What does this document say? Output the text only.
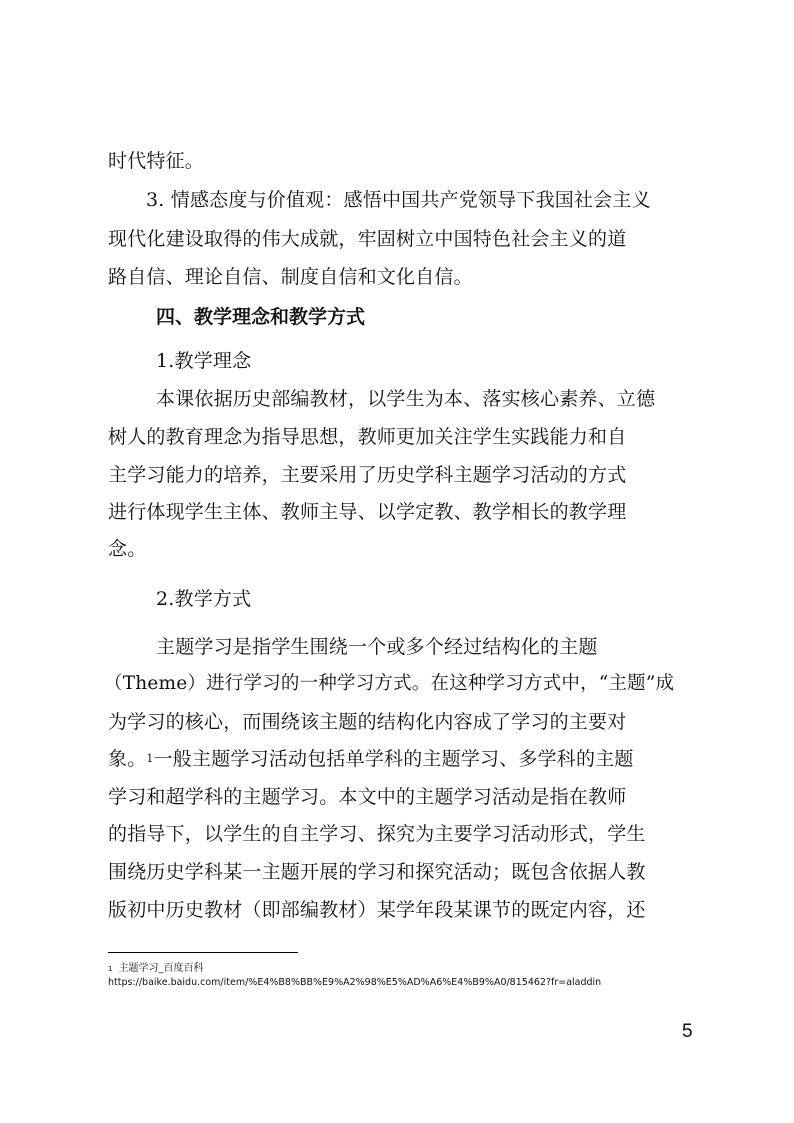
时代特征。
3. 情感态度与价值观：感悟中国共产党领导下我国社会主义
现代化建设取得的伟大成就，牢固树立中国特色社会主义的道
路自信、理论自信、制度自信和文化自信。
四、教学理念和教学方式
1.教学理念
本课依据历史部编教材，以学生为本、落实核心素养、立德
树人的教育理念为指导思想，教师更加关注学生实践能力和自
主学习能力的培养，主要采用了历史学科主题学习活动的方式
进行体现学生主体、教师主导、以学定教、教学相长的教学理
念。
2.教学方式
主题学习是指学生围绕一个或多个经过结构化的主题
（Theme）进行学习的一种学习方式。在这种学习方式中，“主题”成
为学习的核心，而围绕该主题的结构化内容成了学习的主要对
象。$^1$一般主题学习活动包括单学科的主题学习、多学科的主题
学习和超学科的主题学习。本文中的主题学习活动是指在教师
的指导下，以学生的自主学习、探究为主要学习活动形式，学生
围绕历史学科某一主题开展的学习和探究活动；既包含依据人教
版初中历史教材（即部编教材）某学年段某课节的既定内容，还
$^1$ 主题学习_百度百科
https://baike.baidu.com/item/%E4%B8%BB%E9%A2%98%E5%AD%A6%E4%B9%A0/815462?fr=aladdin
5
